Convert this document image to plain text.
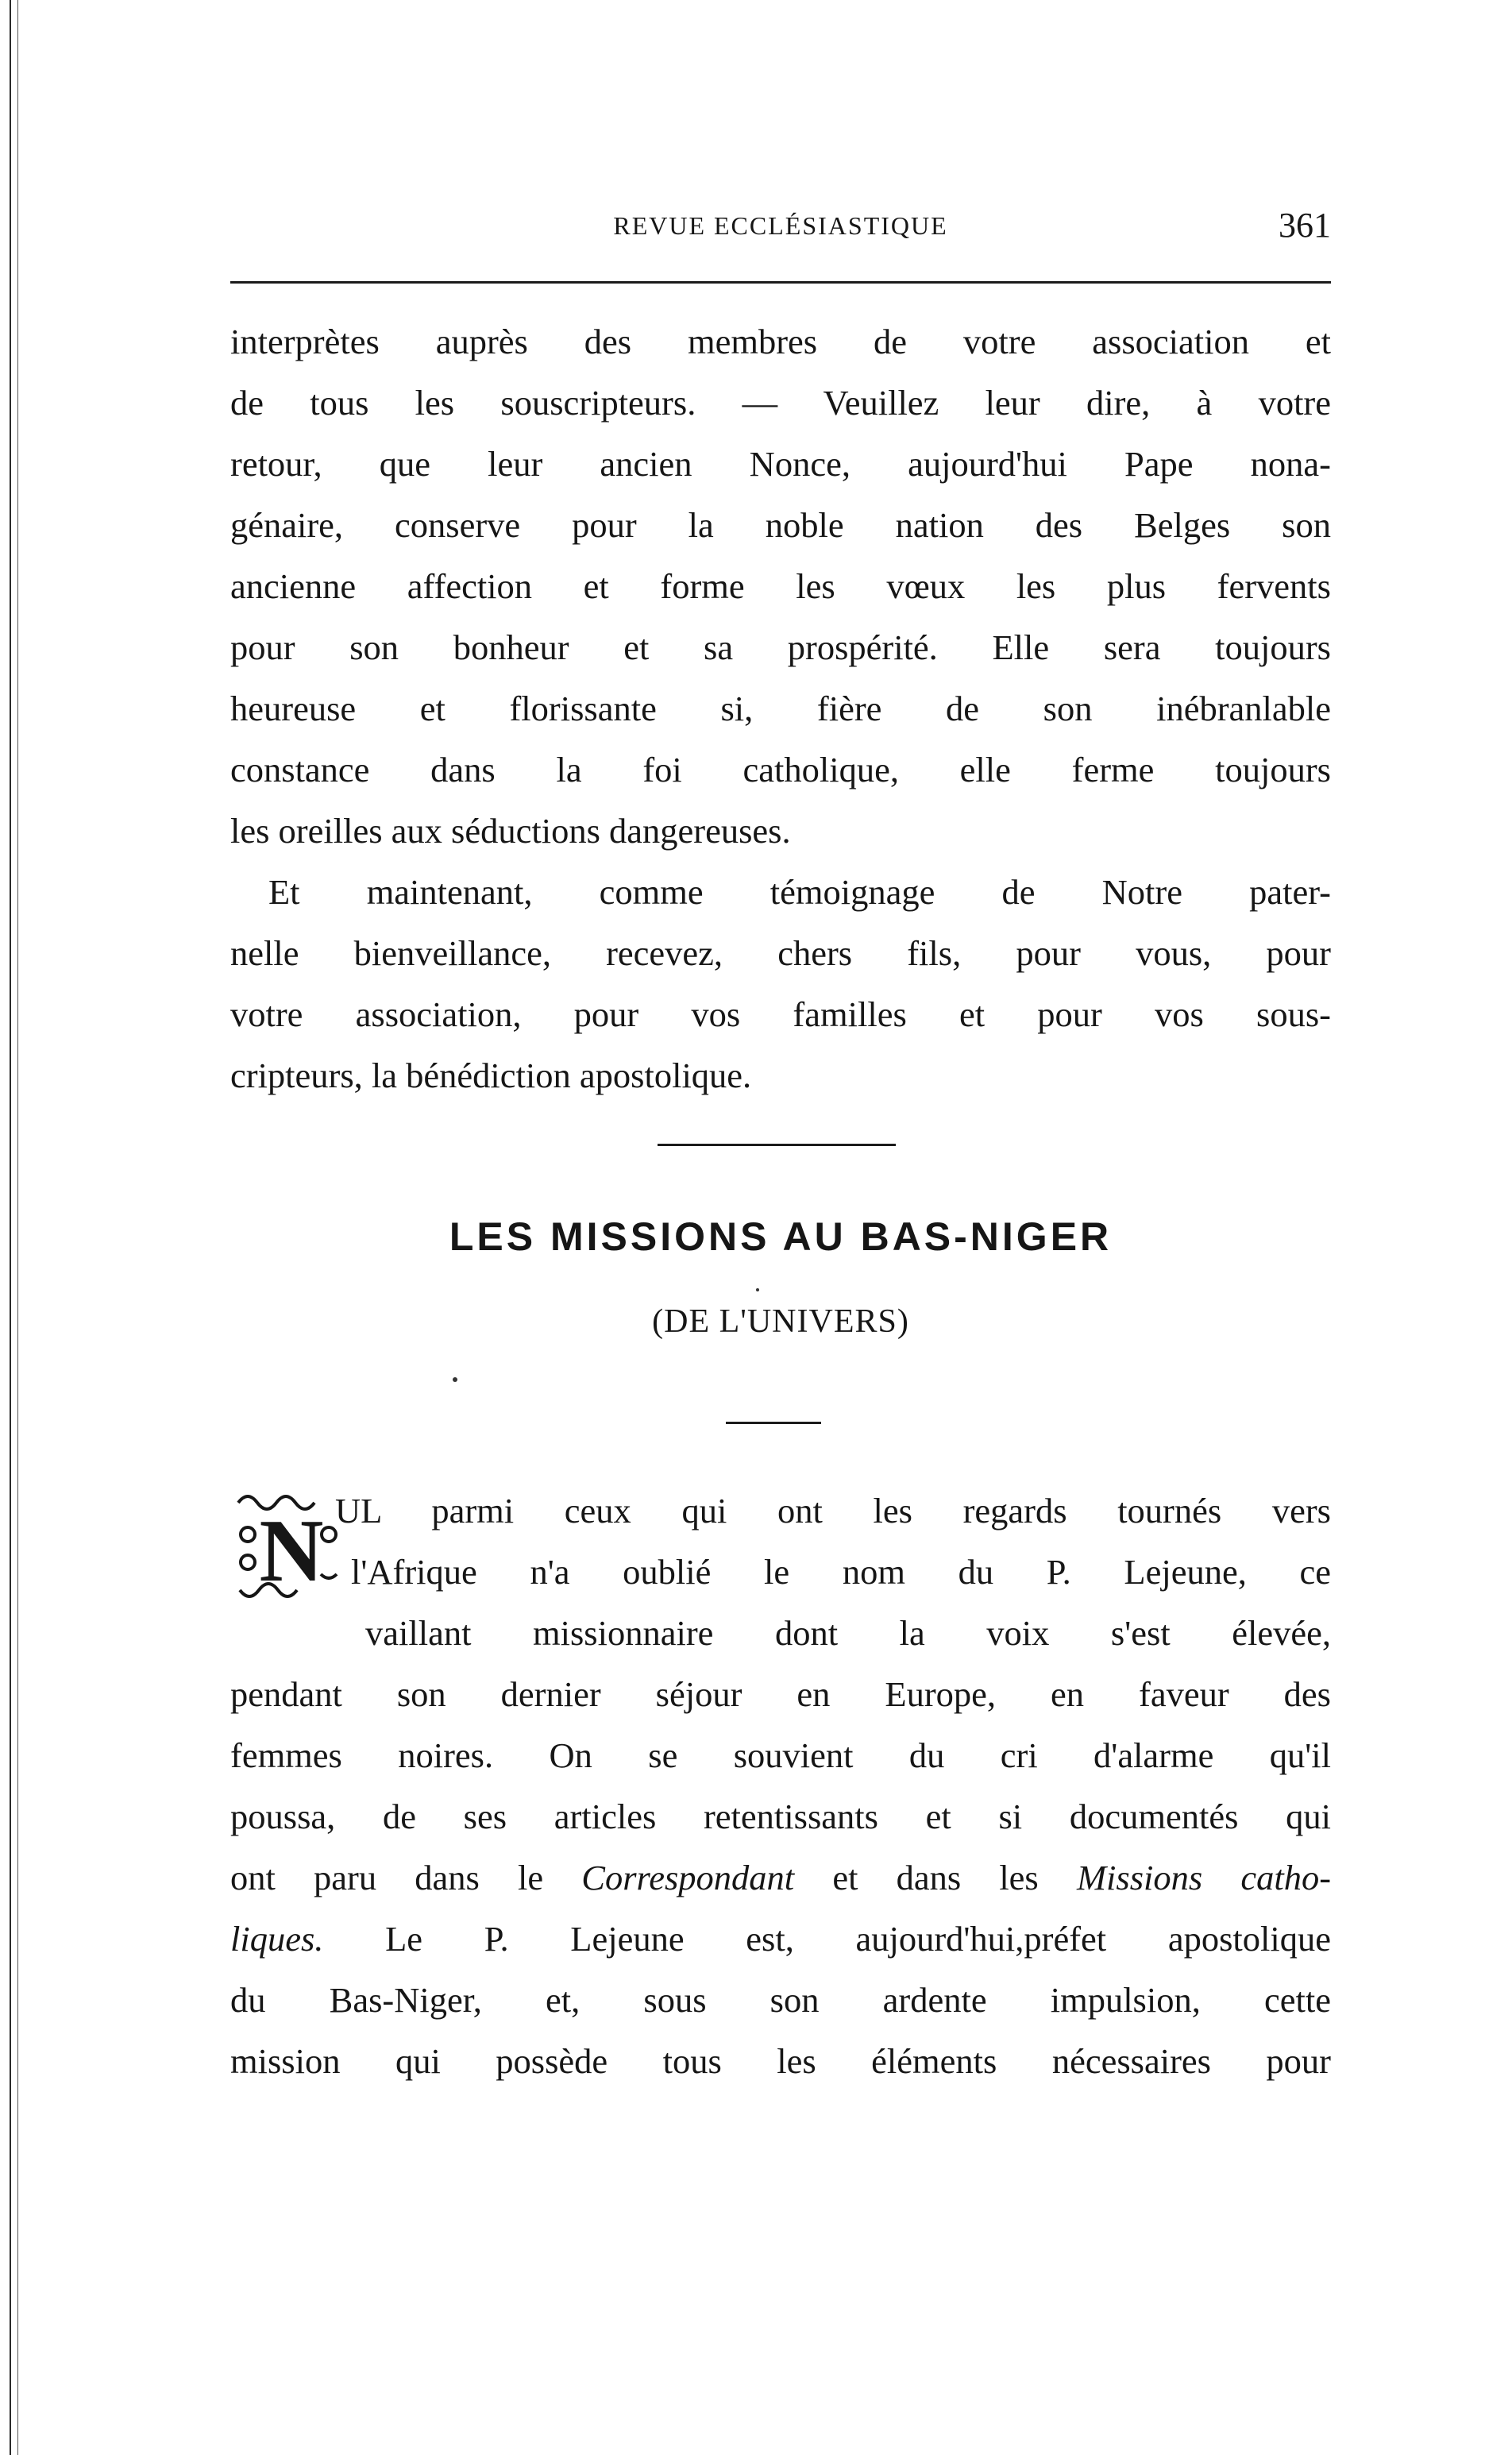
REVUE ECCLÉSIASTIQUE	361
interprètes auprès des membres de votre association et
de tous les souscripteurs. — Veuillez leur dire, à votre
retour, que leur ancien Nonce, aujourd'hui Pape nona-
génaire, conserve pour la noble nation des Belges son
ancienne affection et forme les vœux les plus fervents
pour son bonheur et sa prospérité. Elle sera toujours
heureuse et florissante si, fière de son inébranlable
constance dans la foi catholique, elle ferme toujours
les oreilles aux séductions dangereuses.
Et maintenant, comme témoignage de Notre pater-
nelle bienveillance, recevez, chers fils, pour vous, pour
votre association, pour vos familles et pour vos sous-
cripteurs, la bénédiction apostolique.
LES MISSIONS AU BAS-NIGER
(DE L'UNIVERS)
N UL parmi ceux qui ont les regards tournés vers
l'Afrique n'a oublié le nom du P. Lejeune, ce
vaillant missionnaire dont la voix s'est élevée,
pendant son dernier séjour en Europe, en faveur des
femmes noires. On se souvient du cri d'alarme qu'il
poussa, de ses articles retentissants et si documentés qui
ont paru dans le Correspondant et dans les Missions catho-
liques. Le P. Lejeune est, aujourd'hui,préfet apostolique
du Bas-Niger, et, sous son ardente impulsion, cette
mission qui possède tous les éléments nécessaires pour
